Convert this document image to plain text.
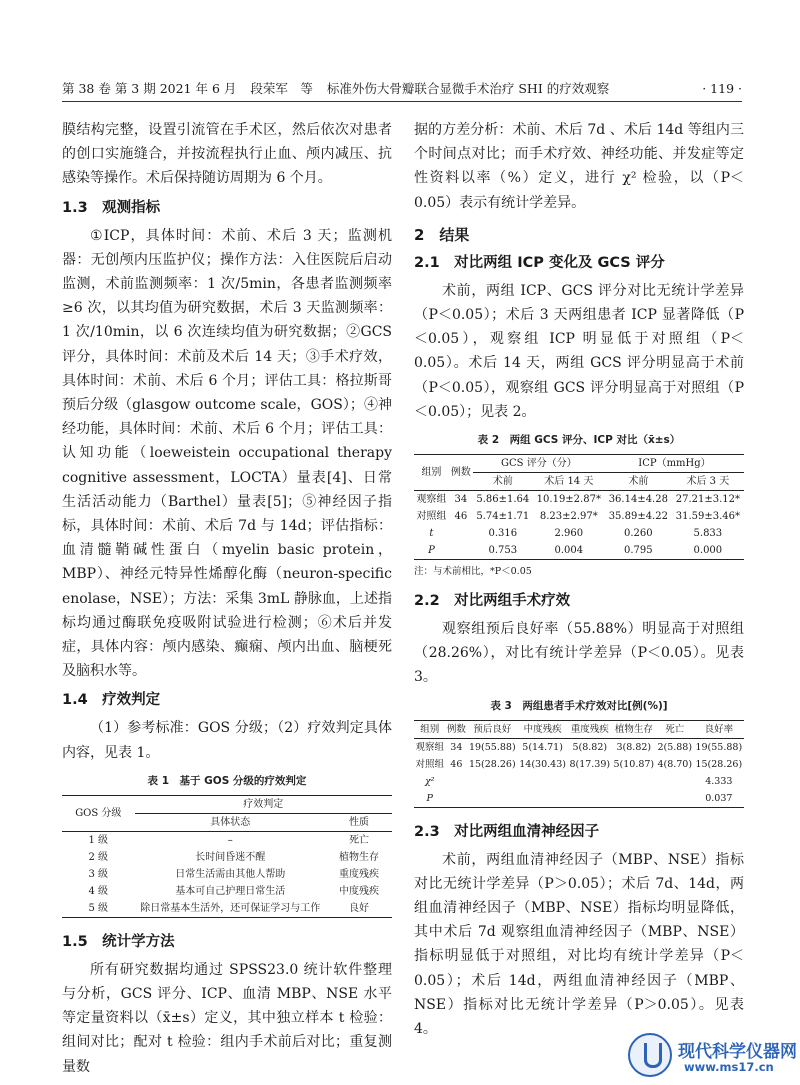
第 38 卷 第 3 期 2021 年 6 月 段荣军　等 标准外伤大骨瓣联合显微手术治疗 SHI 的疗效观察	· 119 ·

膜结构完整，设置引流管在手术区，然后依次对患者的创口实施缝合，并按流程执行止血、颅内减压、抗感染等操作。术后保持随访周期为 6 个月。

1.3　观测指标

①ICP，具体时间：术前、术后 3 天；监测机器：无创颅内压监护仪；操作方法：入住医院后启动监测，术前监测频率：1 次/5min，各患者监测频率≥6 次，以其均值为研究数据，术后 3 天监测频率：1 次/10min，以 6 次连续均值为研究数据；②GCS 评分，具体时间：术前及术后 14 天；③手术疗效，具体时间：术前、术后 6 个月；评估工具：格拉斯哥预后分级（glasgow outcome scale，GOS）；④神经功能，具体时间：术前、术后 6 个月；评估工具：认知功能（loeweistein occupational therapy cognitive assessment，LOCTA）量表[4]、日常生活活动能力（Barthel）量表[5]；⑤神经因子指标，具体时间：术前、术后 7d 与 14d；评估指标：血清髓鞘碱性蛋白（myelin basic protein，MBP）、神经元特异性烯醇化酶（neuron-specific enolase，NSE）；方法：采集 3mL 静脉血，上述指标均通过酶联免疫吸附试验进行检测；⑥术后并发症，具体内容：颅内感染、癫痫、颅内出血、脑梗死及脑积水等。

1.4　疗效判定

（1）参考标准：GOS 分级；（2）疗效判定具体内容，见表 1。

表 1　基于 GOS 分级的疗效判定
GOS 分级	疗效判定	
	具体状态	性质
1 级	–	死亡
2 级	长时间昏迷不醒	植物生存
3 级	日常生活需由其他人帮助	重度残疾
4 级	基本可自己护理日常生活	中度残疾
5 级	除日常基本生活外，还可保证学习与工作	良好
1.5　统计学方法

所有研究数据均通过 SPSS23.0 统计软件整理与分析，GCS 评分、ICP、血清 MBP、NSE 水平等定量资料以（x̄±s）定义，其中独立样本 t 检验：组间对比；配对 t 检验：组内手术前后对比；重复测量数

据的方差分析：术前、术后 7d 、术后 14d 等组内三个时间点对比；而手术疗效、神经功能、并发症等定性资料以率（%）定义，进行 χ² 检验，以（P＜0.05）表示有统计学差异。

2　结果
2.1　对比两组 ICP 变化及 GCS 评分

术前，两组 ICP、GCS 评分对比无统计学差异（P＜0.05）；术后 3 天两组患者 ICP 显著降低（P＜0.05），观察组 ICP 明显低于对照组（P＜0.05）。术后 14 天，两组 GCS 评分明显高于术前（P＜0.05），观察组 GCS 评分明显高于对照组（P＜0.05）；见表 2。

表 2　两组 GCS 评分、ICP 对比（x̄±s）
组别	例数	GCS 评分（分）		ICP（mmHg）	
		术前	术后 14 天	术前	术后 3 天
观察组	34	5.86±1.64	10.19±2.87*	36.14±4.28	27.21±3.12*
对照组	46	5.74±1.71	8.23±2.97*	35.89±4.22	31.59±3.46*
t		0.316	2.960	0.260	5.833
P		0.753	0.004	0.795	0.000
注：与术前相比，*P＜0.05
2.2　对比两组手术疗效

观察组预后良好率（55.88%）明显高于对照组（28.26%），对比有统计学差异（P＜0.05）。见表 3。

表 3　两组患者手术疗效对比[例(%)]
组别	例数	预后良好	中度残疾	重度残疾	植物生存	死亡	良好率
观察组	34	19(55.88)	5(14.71)	5(8.82)	3(8.82)	2(5.88)	19(55.88)
对照组	46	15(28.26)	14(30.43)	8(17.39)	5(10.87)	4(8.70)	15(28.26)
χ²							4.333
P							0.037
2.3　对比两组血清神经因子

术前，两组血清神经因子（MBP、NSE）指标对比无统计学差异（P＞0.05）；术后 7d、14d，两组血清神经因子（MBP、NSE）指标均明显降低，其中术后 7d 观察组血清神经因子（MBP、NSE）指标明显低于对照组，对比均有统计学差异（P＜0.05）；术后 14d，两组血清神经因子（MBP、NSE）指标对比无统计学差异（P＞0.05）。见表 4。

现代科学仪器网
www.ms17.cn
